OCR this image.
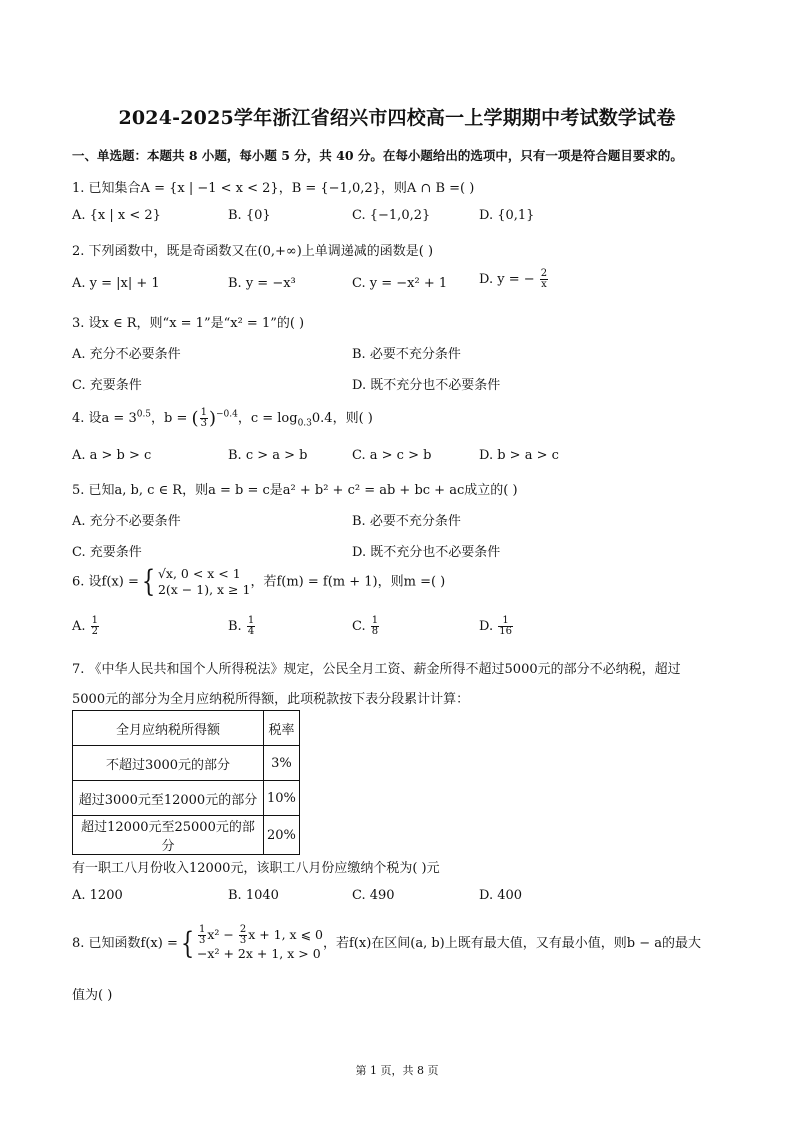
2024-2025学年浙江省绍兴市四校高一上学期期中考试数学试卷
一、单选题：本题共 8 小题，每小题 5 分，共 40 分。在每小题给出的选项中，只有一项是符合题目要求的。
1. 已知集合A = {x | −1 < x < 2}，B = {−1,0,2}，则A ∩ B =( )
A. {x | x < 2}	B. {0}	C. {−1,0,2}	D. {0,1}
2. 下列函数中，既是奇函数又在(0,+∞)上单调递减的函数是( )
A. y = |x| + 1	B. y = −x³	C. y = −x² + 1 D. y = − $\frac{2}{x}$
3. 设x ∈ R，则“x = 1”是“x² = 1”的( )
A. 充分不必要条件	B. 必要不充分条件
C. 充要条件	D. 既不充分也不必要条件
4. 设$a = 3^{0.5}$，b = ( $\frac{1}{3} )^{-0.4}$，$c = \log_{0.3}0.4$，则( )
A. a > b > c	B. c > a > b	C. a > c > b	D. b > a > c
5. 已知a, b, c ∈ R，则a = b = c是a² + b² + c² = ab + bc + ac成立的( )
A. 充分不必要条件	B. 必要不充分条件
C. 充要条件	D. 既不充分也不必要条件
6. 设f(x) ={ √x, 0 < x < 1
2(x − 1), x ≥ 1 ，若f(m) = f(m + 1)，则m =( )
A. $\frac{1}{2}$	B. $\frac{1}{4}$	C. $\frac{1}{8}$	D. $\frac{1}{16}$
7. 《中华人民共和国个人所得税法》规定，公民全月工资、薪金所得不超过5000元的部分不必纳税，超过
5000元的部分为全月应纳税所得额，此项税款按下表分段累计计算：
全月应纳税所得额	税率
不超过3000元的部分	3%
超过3000元至12000元的部分	10%
超过12000元至25000元的部分	20%
有一职工八月份收入12000元，该职工八月份应缴纳个税为( )元
A. 1200	B. 1040	C. 490	D. 400
8. 已知函数f(x) ={ $\frac{1}{3} x^2 - \frac{2}{3}$ x + 1, x ⩽ 0
−x² + 2x + 1, x > 0
，若f(x)在区间(a, b)上既有最大值，又有最小值，则b − a的最大
值为( )
第 1 页，共 8 页
